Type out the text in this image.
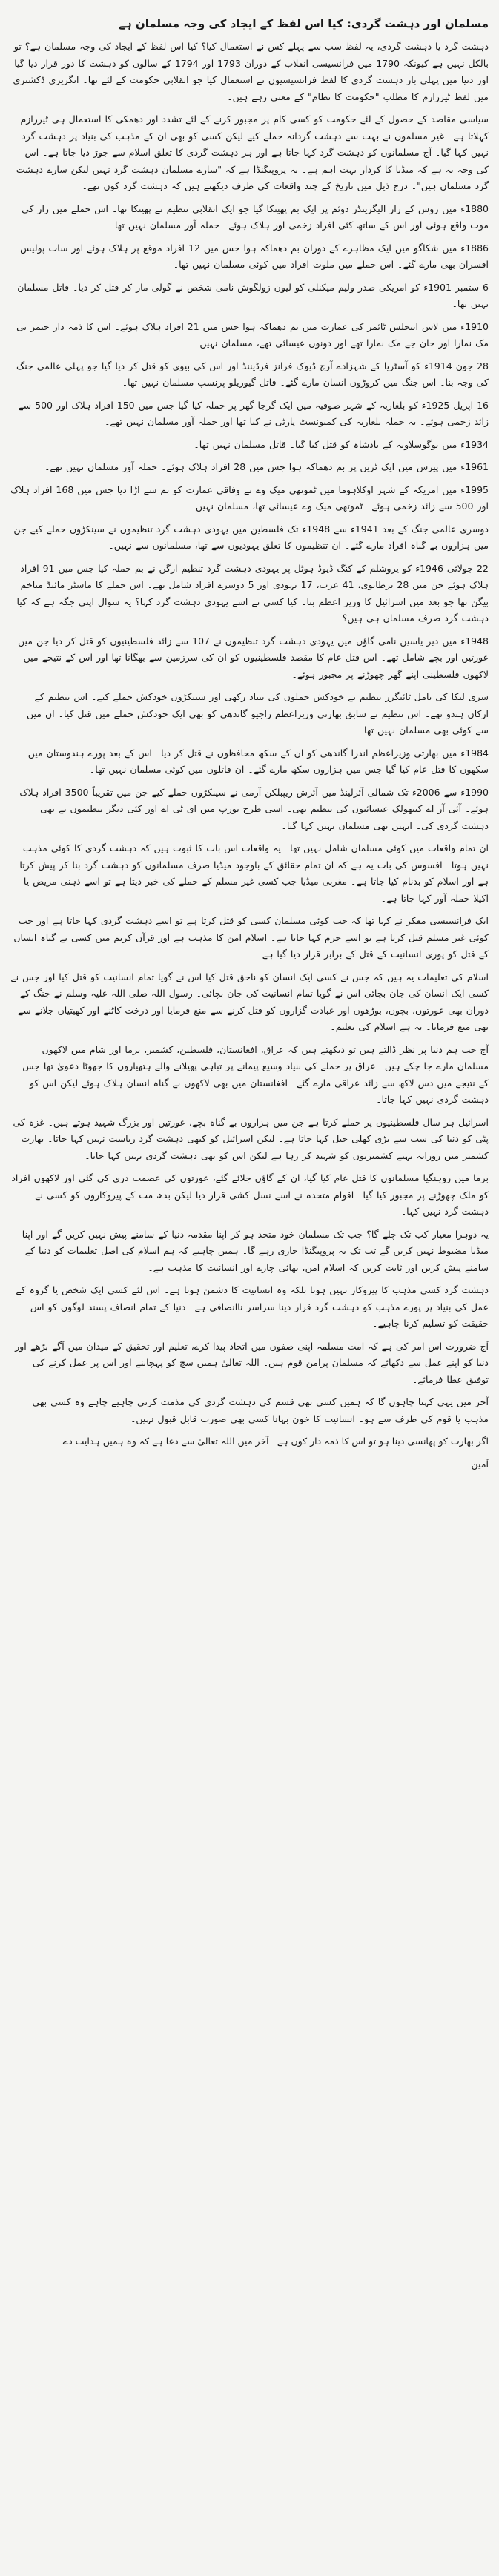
مسلمان اور دہشت گردی: کیا اس لفظ کے ایجاد کی وجہ مسلمان ہے

دہشت گرد یا دہشت گردی، یہ لفظ سب سے پہلے کس نے استعمال کیا؟ کیا اس لفظ کے ایجاد کی وجہ مسلمان ہے؟ تو بالکل نہیں ہے کیونکہ 1790 میں فرانسیسی انقلاب کے دوران 1793 اور 1794 کے سالوں کو دہشت کا دور قرار دیا گیا اور دنیا میں پہلی بار دہشت گردی کا لفظ فرانسیسیوں نے استعمال کیا جو انقلابی حکومت کے لئے تھا۔ انگریزی ڈکشنری میں لفظ ٹیررازم کا مطلب "حکومت کا نظام" کے معنی رہے ہیں۔

سیاسی مقاصد کے حصول کے لئے حکومت کو کسی کام پر مجبور کرنے کے لئے تشدد اور دھمکی کا استعمال ہی ٹیررازم کہلاتا ہے۔ غیر مسلموں نے بہت سے دہشت گردانہ حملے کیے لیکن کسی کو بھی ان کے مذہب کی بنیاد پر دہشت گرد نہیں کہا گیا۔ آج مسلمانوں کو دہشت گرد کہا جاتا ہے اور ہر دہشت گردی کا تعلق اسلام سے جوڑ دیا جاتا ہے۔ اس کی وجہ یہ ہے کہ میڈیا کا کردار بہت اہم ہے۔ یہ پروپیگنڈا ہے کہ "سارے مسلمان دہشت گرد نہیں لیکن سارے دہشت گرد مسلمان ہیں"۔ درج ذیل میں تاریخ کے چند واقعات کی طرف دیکھتے ہیں کہ دہشت گرد کون تھے۔

1880ء میں روس کے زار الیگزینڈر دوئم پر ایک بم پھینکا گیا جو ایک انقلابی تنظیم نے پھینکا تھا۔ اس حملے میں زار کی موت واقع ہوئی اور اس کے ساتھ کئی افراد زخمی اور ہلاک ہوئے۔ حملہ آور مسلمان نہیں تھا۔

1886ء میں شکاگو میں ایک مظاہرے کے دوران بم دھماکہ ہوا جس میں 12 افراد موقع پر ہلاک ہوئے اور سات پولیس افسران بھی مارے گئے۔ اس حملے میں ملوث افراد میں کوئی مسلمان نہیں تھا۔

6 ستمبر 1901ء کو امریکی صدر ولیم میکنلی کو لیون زولگوش نامی شخص نے گولی مار کر قتل کر دیا۔ قاتل مسلمان نہیں تھا۔

1910ء میں لاس اینجلس ٹائمز کی عمارت میں بم دھماکہ ہوا جس میں 21 افراد ہلاک ہوئے۔ اس کا ذمہ دار جیمز بی مک نمارا اور جان جے مک نمارا تھے اور دونوں عیسائی تھے، مسلمان نہیں۔

28 جون 1914ء کو آسٹریا کے شہزادے آرچ ڈیوک فرانز فرڈیننڈ اور اس کی بیوی کو قتل کر دیا گیا جو پہلی عالمی جنگ کی وجہ بنا۔ اس جنگ میں کروڑوں انسان مارے گئے۔ قاتل گیوریلو پرنسپ مسلمان نہیں تھا۔

16 اپریل 1925ء کو بلغاریہ کے شہر صوفیہ میں ایک گرجا گھر پر حملہ کیا گیا جس میں 150 افراد ہلاک اور 500 سے زائد زخمی ہوئے۔ یہ حملہ بلغاریہ کی کمیونسٹ پارٹی نے کیا تھا اور حملہ آور مسلمان نہیں تھے۔

1934ء میں یوگوسلاویہ کے بادشاہ کو قتل کیا گیا۔ قاتل مسلمان نہیں تھا۔

1961ء میں پیرس میں ایک ٹرین پر بم دھماکہ ہوا جس میں 28 افراد ہلاک ہوئے۔ حملہ آور مسلمان نہیں تھے۔

1995ء میں امریکہ کے شہر اوکلاہوما میں ٹموتھی میک وے نے وفاقی عمارت کو بم سے اڑا دیا جس میں 168 افراد ہلاک اور 500 سے زائد زخمی ہوئے۔ ٹموتھی میک وے عیسائی تھا، مسلمان نہیں۔

دوسری عالمی جنگ کے بعد 1941ء سے 1948ء تک فلسطین میں یہودی دہشت گرد تنظیموں نے سینکڑوں حملے کیے جن میں ہزاروں بے گناہ افراد مارے گئے۔ ان تنظیموں کا تعلق یہودیوں سے تھا، مسلمانوں سے نہیں۔

22 جولائی 1946ء کو یروشلم کے کنگ ڈیوڈ ہوٹل پر یہودی دہشت گرد تنظیم ارگن نے بم حملہ کیا جس میں 91 افراد ہلاک ہوئے جن میں 28 برطانوی، 41 عرب، 17 یہودی اور 5 دوسرے افراد شامل تھے۔ اس حملے کا ماسٹر مائنڈ مناخم بیگن تھا جو بعد میں اسرائیل کا وزیر اعظم بنا۔ کیا کسی نے اسے یہودی دہشت گرد کہا؟ یہ سوال اپنی جگہ ہے کہ کیا دہشت گرد صرف مسلمان ہی ہیں؟

1948ء میں دیر یاسین نامی گاؤں میں یہودی دہشت گرد تنظیموں نے 107 سے زائد فلسطینیوں کو قتل کر دیا جن میں عورتیں اور بچے شامل تھے۔ اس قتل عام کا مقصد فلسطینیوں کو ان کی سرزمین سے بھگانا تھا اور اس کے نتیجے میں لاکھوں فلسطینی اپنے گھر چھوڑنے پر مجبور ہوئے۔

سری لنکا کی تامل ٹائیگرز تنظیم نے خودکش حملوں کی بنیاد رکھی اور سینکڑوں خودکش حملے کیے۔ اس تنظیم کے ارکان ہندو تھے۔ اس تنظیم نے سابق بھارتی وزیراعظم راجیو گاندھی کو بھی ایک خودکش حملے میں قتل کیا۔ ان میں سے کوئی بھی مسلمان نہیں تھا۔

1984ء میں بھارتی وزیراعظم اندرا گاندھی کو ان کے سکھ محافظوں نے قتل کر دیا۔ اس کے بعد پورے ہندوستان میں سکھوں کا قتل عام کیا گیا جس میں ہزاروں سکھ مارے گئے۔ ان قاتلوں میں کوئی مسلمان نہیں تھا۔

1990ء سے 2006ء تک شمالی آئرلینڈ میں آئرش ریپبلکن آرمی نے سینکڑوں حملے کیے جن میں تقریباً 3500 افراد ہلاک ہوئے۔ آئی آر اے کیتھولک عیسائیوں کی تنظیم تھی۔ اسی طرح یورپ میں ای ٹی اے اور کئی دیگر تنظیموں نے بھی دہشت گردی کی۔ انہیں بھی مسلمان نہیں کہا گیا۔

ان تمام واقعات میں کوئی مسلمان شامل نہیں تھا۔ یہ واقعات اس بات کا ثبوت ہیں کہ دہشت گردی کا کوئی مذہب نہیں ہوتا۔ افسوس کی بات یہ ہے کہ ان تمام حقائق کے باوجود میڈیا صرف مسلمانوں کو دہشت گرد بنا کر پیش کرتا ہے اور اسلام کو بدنام کیا جاتا ہے۔ مغربی میڈیا جب کسی غیر مسلم کے حملے کی خبر دیتا ہے تو اسے ذہنی مریض یا اکیلا حملہ آور کہا جاتا ہے۔

ایک فرانسیسی مفکر نے کہا تھا کہ جب کوئی مسلمان کسی کو قتل کرتا ہے تو اسے دہشت گردی کہا جاتا ہے اور جب کوئی غیر مسلم قتل کرتا ہے تو اسے جرم کہا جاتا ہے۔ اسلام امن کا مذہب ہے اور قرآن کریم میں کسی بے گناہ انسان کے قتل کو پوری انسانیت کے قتل کے برابر قرار دیا گیا ہے۔

اسلام کی تعلیمات یہ ہیں کہ جس نے کسی ایک انسان کو ناحق قتل کیا اس نے گویا تمام انسانیت کو قتل کیا اور جس نے کسی ایک انسان کی جان بچائی اس نے گویا تمام انسانیت کی جان بچائی۔ رسول اللہ صلی اللہ علیہ وسلم نے جنگ کے دوران بھی عورتوں، بچوں، بوڑھوں اور عبادت گزاروں کو قتل کرنے سے منع فرمایا اور درخت کاٹنے اور کھیتیاں جلانے سے بھی منع فرمایا۔ یہ ہے اسلام کی تعلیم۔

آج جب ہم دنیا پر نظر ڈالتے ہیں تو دیکھتے ہیں کہ عراق، افغانستان، فلسطین، کشمیر، برما اور شام میں لاکھوں مسلمان مارے جا چکے ہیں۔ عراق پر حملے کی بنیاد وسیع پیمانے پر تباہی پھیلانے والے ہتھیاروں کا جھوٹا دعویٰ تھا جس کے نتیجے میں دس لاکھ سے زائد عراقی مارے گئے۔ افغانستان میں بھی لاکھوں بے گناہ انسان ہلاک ہوئے لیکن اس کو دہشت گردی نہیں کہا جاتا۔

اسرائیل ہر سال فلسطینیوں پر حملے کرتا ہے جن میں ہزاروں بے گناہ بچے، عورتیں اور بزرگ شہید ہوتے ہیں۔ غزہ کی پٹی کو دنیا کی سب سے بڑی کھلی جیل کہا جاتا ہے۔ لیکن اسرائیل کو کبھی دہشت گرد ریاست نہیں کہا جاتا۔ بھارت کشمیر میں روزانہ نہتے کشمیریوں کو شہید کر رہا ہے لیکن اس کو بھی دہشت گردی نہیں کہا جاتا۔

برما میں روہنگیا مسلمانوں کا قتل عام کیا گیا، ان کے گاؤں جلائے گئے، عورتوں کی عصمت دری کی گئی اور لاکھوں افراد کو ملک چھوڑنے پر مجبور کیا گیا۔ اقوام متحدہ نے اسے نسل کشی قرار دیا لیکن بدھ مت کے پیروکاروں کو کسی نے دہشت گرد نہیں کہا۔

یہ دوہرا معیار کب تک چلے گا؟ جب تک مسلمان خود متحد ہو کر اپنا مقدمہ دنیا کے سامنے پیش نہیں کریں گے اور اپنا میڈیا مضبوط نہیں کریں گے تب تک یہ پروپیگنڈا جاری رہے گا۔ ہمیں چاہیے کہ ہم اسلام کی اصل تعلیمات کو دنیا کے سامنے پیش کریں اور ثابت کریں کہ اسلام امن، بھائی چارے اور انسانیت کا مذہب ہے۔

دہشت گرد کسی مذہب کا پیروکار نہیں ہوتا بلکہ وہ انسانیت کا دشمن ہوتا ہے۔ اس لئے کسی ایک شخص یا گروہ کے عمل کی بنیاد پر پورے مذہب کو دہشت گرد قرار دینا سراسر ناانصافی ہے۔ دنیا کے تمام انصاف پسند لوگوں کو اس حقیقت کو تسلیم کرنا چاہیے۔

آج ضرورت اس امر کی ہے کہ امت مسلمہ اپنی صفوں میں اتحاد پیدا کرے، تعلیم اور تحقیق کے میدان میں آگے بڑھے اور دنیا کو اپنے عمل سے دکھائے کہ مسلمان پرامن قوم ہیں۔ اللہ تعالیٰ ہمیں سچ کو پہچاننے اور اس پر عمل کرنے کی توفیق عطا فرمائے۔

آخر میں یہی کہنا چاہوں گا کہ ہمیں کسی بھی قسم کی دہشت گردی کی مذمت کرنی چاہیے چاہے وہ کسی بھی مذہب یا قوم کی طرف سے ہو۔ انسانیت کا خون بہانا کسی بھی صورت قابل قبول نہیں۔

اگر بھارت کو پھانسی دینا ہو تو اس کا ذمہ دار کون ہے۔ آخر میں اللہ تعالیٰ سے دعا ہے کہ وہ ہمیں ہدایت دے۔

آمین۔
